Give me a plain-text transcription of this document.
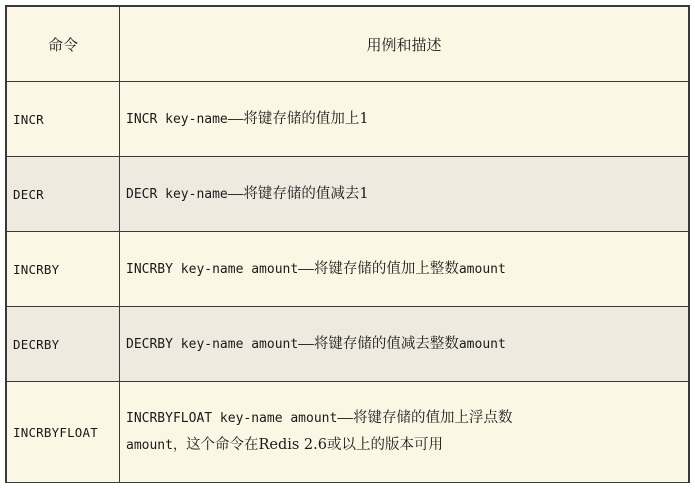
命令	用例和描述
INCR	INCR key-name——将键存储的值加上1
DECR	DECR key-name——将键存储的值减去1
INCRBY	INCRBY key-name amount——将键存储的值加上整数amount
DECRBY	DECRBY key-name amount——将键存储的值减去整数amount
INCRBYFLOAT	INCRBYFLOAT key-name amount——将键存储的值加上浮点数
amount，这个命令在Redis 2.6或以上的版本可用
